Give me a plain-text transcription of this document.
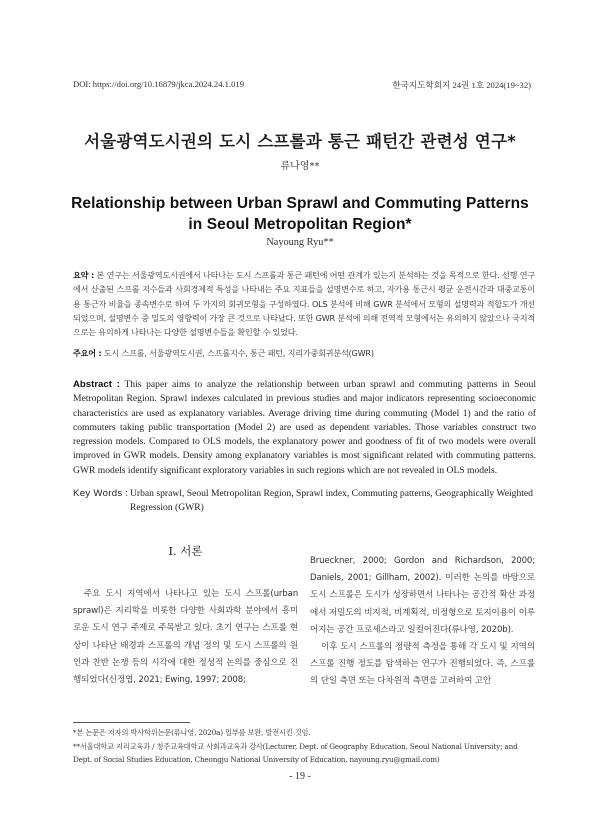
DOI: https://doi.org/10.16879/jkca.2024.24.1.019	한국지도학회지 24권 1호 2024(19~32)
서울광역도시권의 도시 스프롤과 통근 패턴간 관련성 연구*
류나영**
Relationship between Urban Sprawl and Commuting Patterns
in Seoul Metropolitan Region*
Nayoung Ryu**
요약 : 본 연구는 서울광역도시권에서 나타나는 도시 스프롤과 통근 패턴에 어떤 관계가 있는지 분석하는 것을 목적으로 한다. 선행 연구에서 산출된 스프롤 지수들과 사회경제적 특성을 나타내는 주요 지표들을 설명변수로 하고, 자가용 통근시 평균 운전시간과 대중교통이용 통근자 비율을 종속변수로 하여 두 가지의 회귀모형을 구성하였다. OLS 분석에 비해 GWR 분석에서 모형의 설명력과 적합도가 개선되었으며, 설명변수 중 밀도의 영향력이 가장 큰 것으로 나타났다. 또한 GWR 분석에 의해 전역적 모형에서는 유의하지 않았으나 국지적으로는 유의하게 나타나는 다양한 설명변수들을 확인할 수 있었다.
주요어 : 도시 스프롤, 서울광역도시권, 스프롤지수, 통근 패턴, 지리가중회귀분석(GWR)
Abstract : This paper aims to analyze the relationship between urban sprawl and commuting patterns in Seoul Metropolitan Region. Sprawl indexes calculated in previous studies and major indicators representing socioeconomic characteristics are used as explanatory variables. Average driving time during commuting (Model 1) and the ratio of commuters taking public transportation (Model 2) are used as dependent variables. Those variables construct two regression models. Compared to OLS models, the explanatory power and goodness of fit of two models were overall improved in GWR models. Density among explanatory variables is most significant related with commuting patterns. GWR models identify significant exploratory variables in such regions which are not revealed in OLS models.
Key Words : Urban sprawl, Seoul Metropolitan Region, Sprawl index, Commuting patterns, Geographically Weighted Regression (GWR)
I. 서론

주요 도시 지역에서 나타나고 있는 도시 스프롤(urban sprawl)은 지리학을 비롯한 다양한 사회과학 분야에서 흥미로운 도시 연구 주제로 주목받고 있다. 초기 연구는 스프롤 현상이 나타난 배경과 스프롤의 개념 정의 및 도시 스프롤의 원인과 찬반 논쟁 등의 시각에 대한 정성적 논의를 중심으로 진행되었다(신정엽, 2021; Ewing, 1997; 2008;

Brueckner, 2000; Gordon and Richardson, 2000; Daniels, 2001; Gillham, 2002). 이러한 논의를 바탕으로 도시 스프롤은 도시가 성장하면서 나타나는 공간적 확산 과정에서 저밀도의 비지적, 비계획적, 비정형으로 토지이용이 이루어지는 공간 프로세스라고 일컬어진다(류나영, 2020b).

이후 도시 스프롤의 정량적 측정을 통해 각 도시 및 지역의 스프롤 진행 정도를 탐색하는 연구가 진행되었다. 즉, 스프롤의 단일 측면 또는 다차원적 측면을 고려하여 고안

*본 논문은 저자의 박사학위논문(류나영, 2020a) 일부를 보완, 발전시킨 것임.
**서울대학교 지리교육과 / 청주교육대학교 사회과교육과 강사(Lecturer, Dept. of Geography Education, Seoul National University; and Dept. of Social Studies Education, Cheongju National University of Education, nayoung.ryu@gmail.com)
- 19 -
